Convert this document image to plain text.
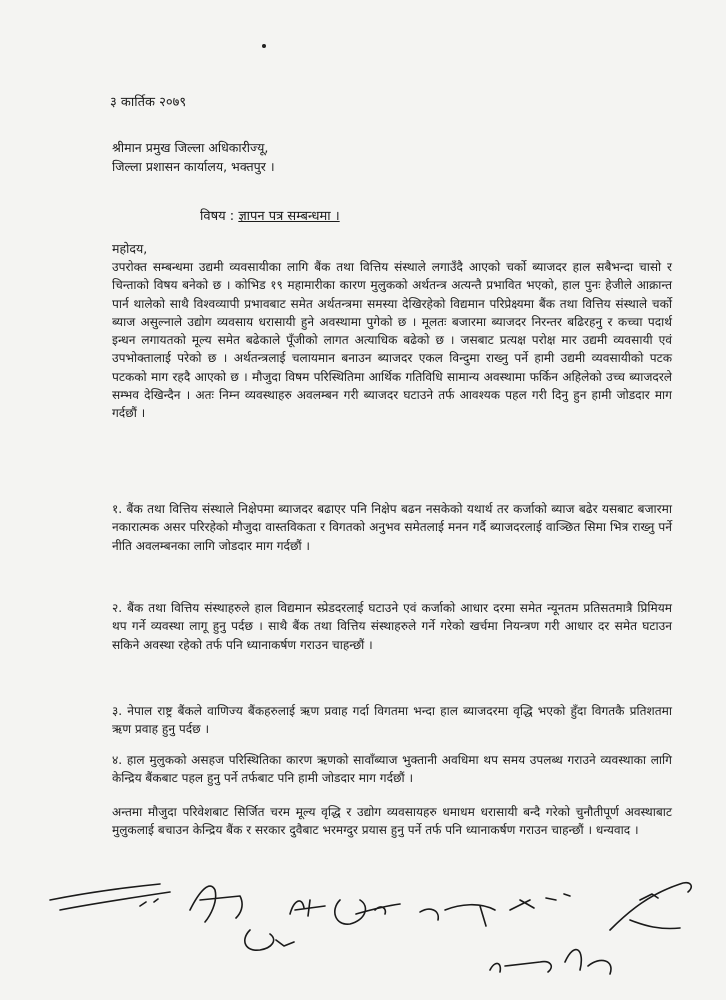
३ कार्तिक २०७९
श्रीमान प्रमुख जिल्ला अधिकारीज्यू,
जिल्ला प्रशासन कार्यालय, भक्तपुर ।
विषय : ज्ञापन पत्र सम्बन्धमा ।
महोदय,
उपरोक्त सम्बन्धमा उद्यमी व्यवसायीका लागि बैंक तथा वित्तिय संस्थाले लगाउँदै आएको चर्को ब्याजदर हाल सबैभन्दा चासो र चिन्ताको विषय बनेको छ । कोभिड १९ महामारीका कारण मुलुकको अर्थतन्त्र अत्यन्तै प्रभावित भएको, हाल पुनः हेजीले आक्रान्त पार्न थालेको साथै विश्वव्यापी प्रभावबाट समेत अर्थतन्त्रमा समस्या देखिरहेको विद्यमान परिप्रेक्ष्यमा बैंक तथा वित्तिय संस्थाले चर्को ब्याज असुल्नाले उद्योग व्यवसाय धरासायी हुने अवस्थामा पुगेको छ । मूलतः बजारमा ब्याजदर निरन्तर बढिरहनु र कच्चा पदार्थ इन्धन लगायतको मूल्य समेत बढेकाले पूँजीको लागत अत्याधिक बढेको छ । जसबाट प्रत्यक्ष परोक्ष मार उद्यमी व्यवसायी एवं उपभोक्तालाई परेको छ । अर्थतन्त्रलाई चलायमान बनाउन ब्याजदर एकल विन्दुमा राख्नु पर्ने हामी उद्यमी व्यवसायीको पटक पटकको माग रहदै आएको छ । मौजुदा विषम परिस्थितिमा आर्थिक गतिविधि सामान्य अवस्थामा फर्किन अहिलेको उच्च ब्याजदरले सम्भव देखिन्दैन । अतः निम्न व्यवस्थाहरु अवलम्बन गरी ब्याजदर घटाउने तर्फ आवश्यक पहल गरी दिनु हुन हामी जोडदार माग गर्दछौं ।
१. बैंक तथा वित्तिय संस्थाले निक्षेपमा ब्याजदर बढाएर पनि निक्षेप बढन नसकेको यथार्थ तर कर्जाको ब्याज बढेर यसबाट बजारमा नकारात्मक असर परिरहेको मौजुदा वास्तविकता र विगतको अनुभव समेतलाई मनन गर्दै ब्याजदरलाई वाञ्छित सिमा भित्र राख्नु पर्ने नीति अवलम्बनका लागि जोडदार माग गर्दछौं ।
२. बैंक तथा वित्तिय संस्थाहरुले हाल विद्यमान स्प्रेडदरलाई घटाउने एवं कर्जाको आधार दरमा समेत न्यूनतम प्रतिसतमात्रै प्रिमियम थप गर्ने व्यवस्था लागू हुनु पर्दछ । साथै बैंक तथा वित्तिय संस्थाहरुले गर्ने गरेको खर्चमा नियन्त्रण गरी आधार दर समेत घटाउन सकिने अवस्था रहेको तर्फ पनि ध्यानाकर्षण गराउन चाहन्छौं ।
३. नेपाल राष्ट्र बैंकले वाणिज्य बैंकहरुलाई ऋण प्रवाह गर्दा विगतमा भन्दा हाल ब्याजदरमा वृद्धि भएको हुँदा विगतकै प्रतिशतमा ऋण प्रवाह हुनु पर्दछ ।
४. हाल मुलुकको असहज परिस्थितिका कारण ऋणको सावाँब्याज भुक्तानी अवधिमा थप समय उपलब्ध गराउने व्यवस्थाका लागि केन्द्रिय बैंकबाट पहल हुनु पर्ने तर्फबाट पनि हामी जोडदार माग गर्दछौं ।
अन्तमा मौजुदा परिवेशबाट सिर्जित चरम मूल्य वृद्धि र उद्योग व्यवसायहरु धमाधम धरासायी बन्दै गरेको चुनौतीपूर्ण अवस्थाबाट मुलुकलाई बचाउन केन्द्रिय बैंक र सरकार दुवैबाट भरमग्दुर प्रयास हुनु पर्ने तर्फ पनि ध्यानाकर्षण गराउन चाहन्छौं । धन्यवाद ।
